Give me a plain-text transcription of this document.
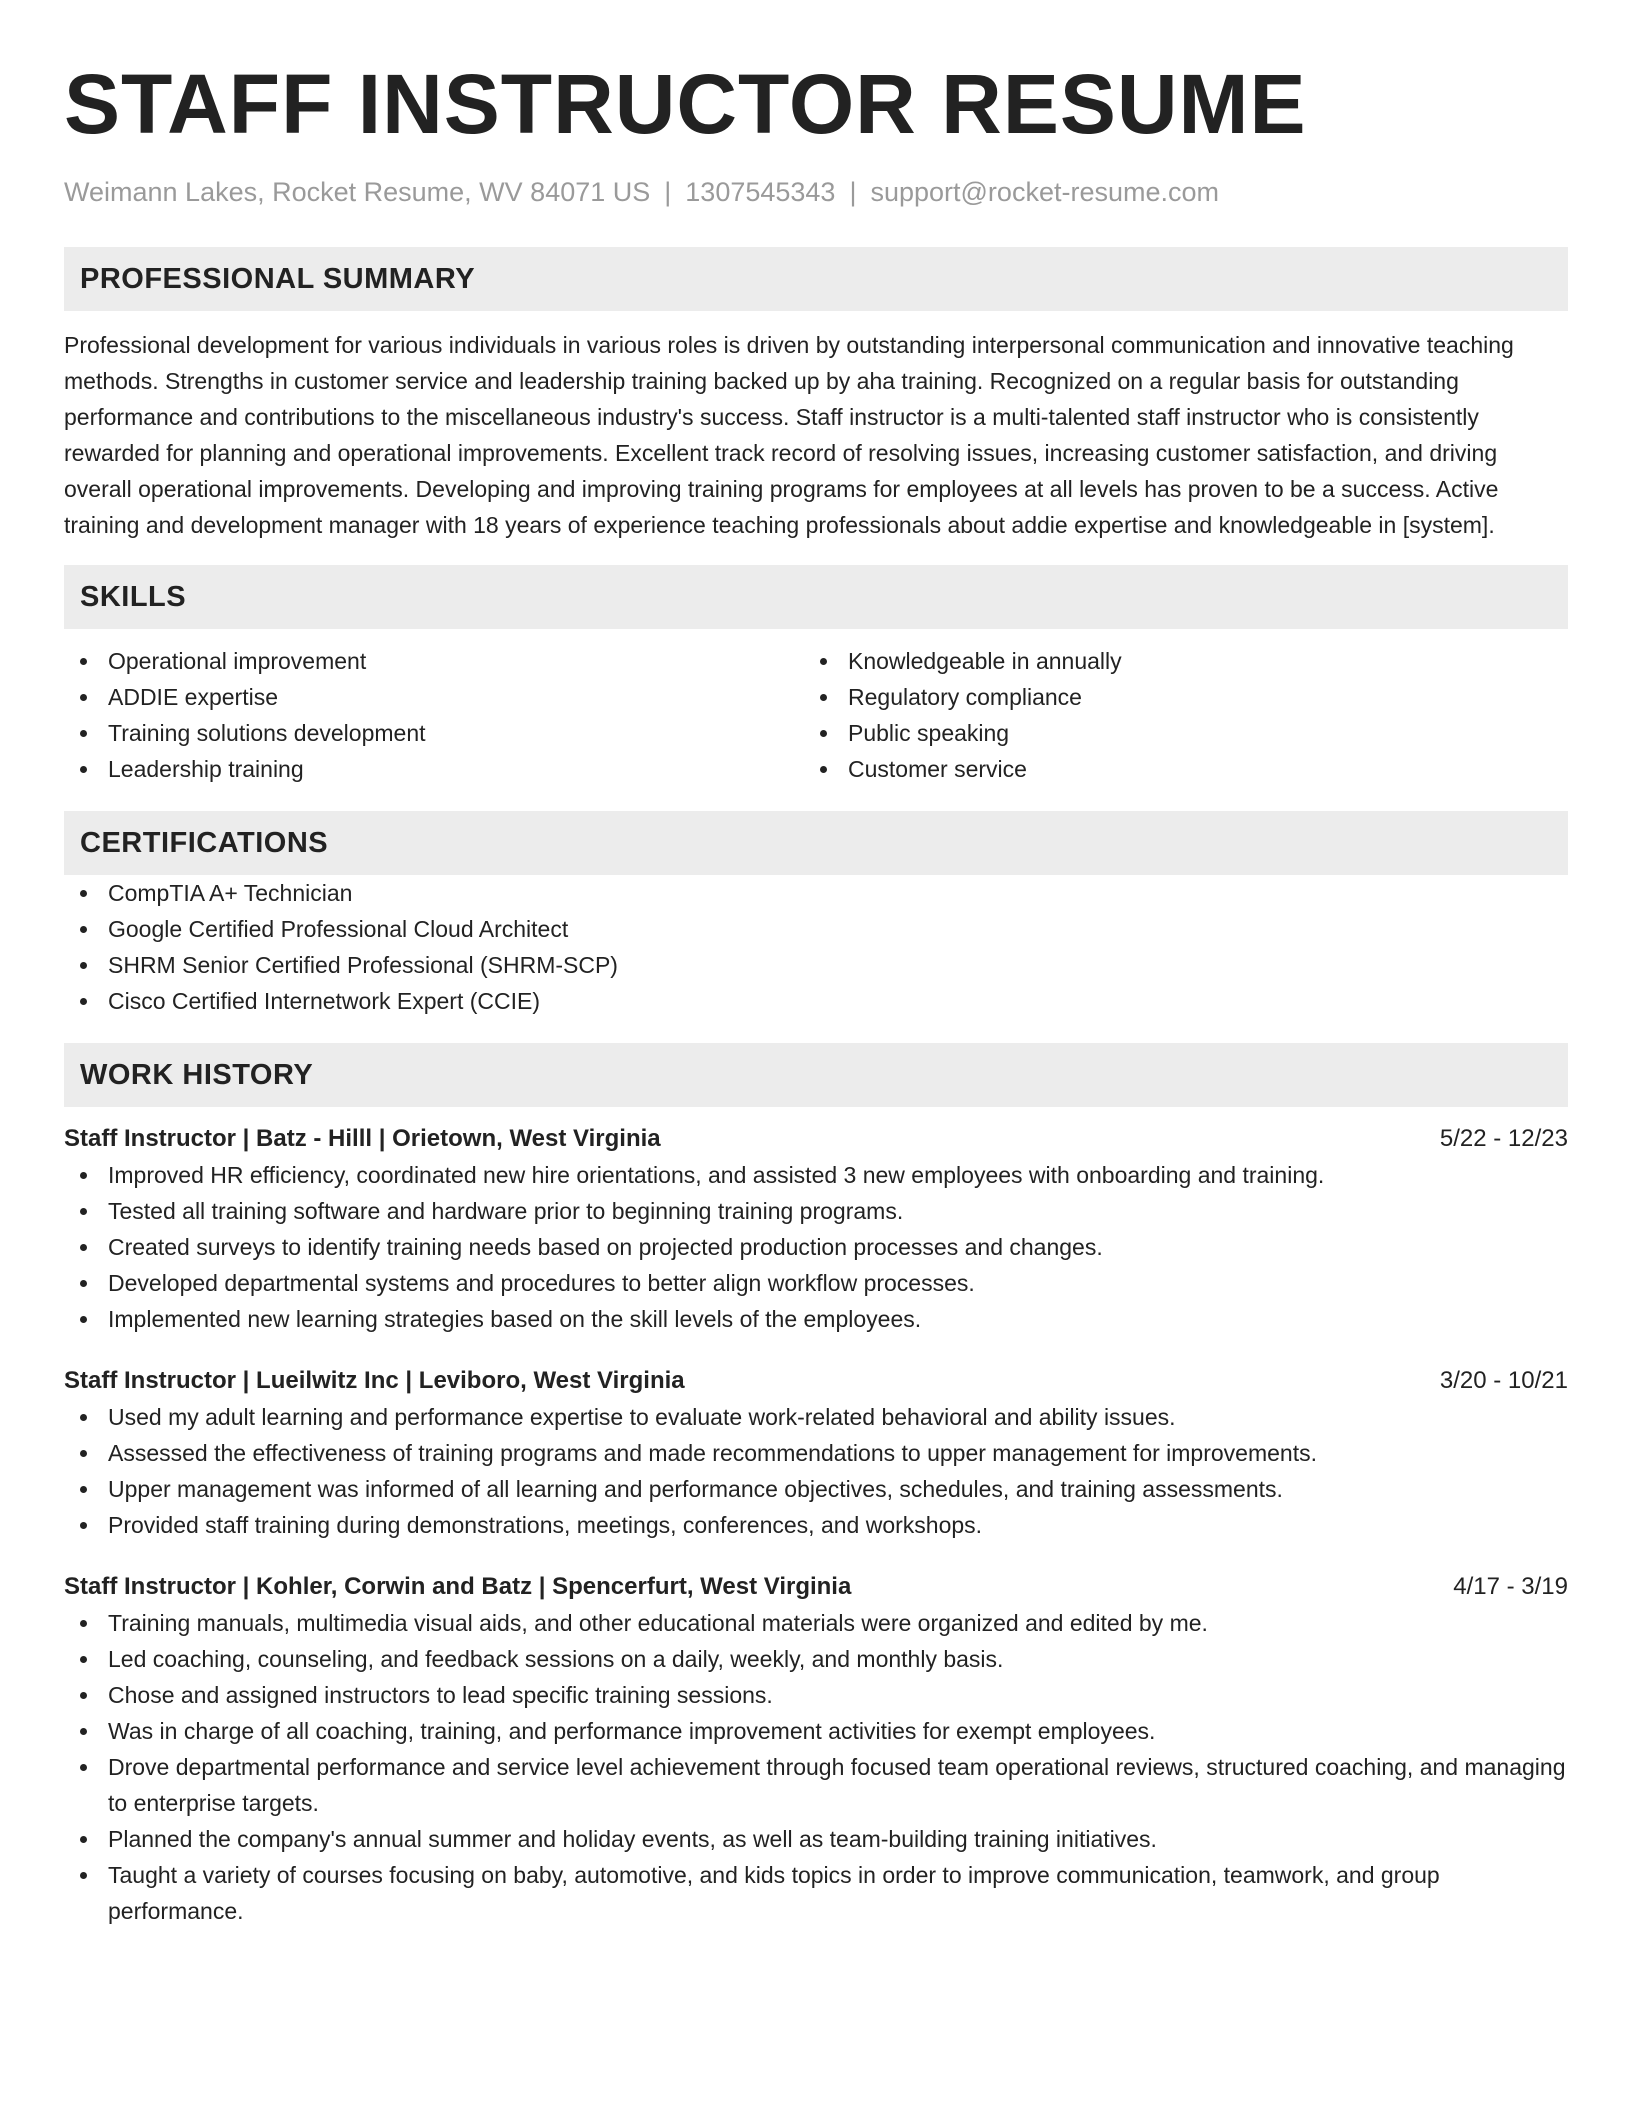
STAFF INSTRUCTOR RESUME
Weimann Lakes, Rocket Resume, WV 84071 US | 1307545343 | support@rocket-resume.com
PROFESSIONAL SUMMARY

Professional development for various individuals in various roles is driven by outstanding interpersonal communication and innovative teaching methods. Strengths in customer service and leadership training backed up by aha training. Recognized on a regular basis for outstanding performance and contributions to the miscellaneous industry's success. Staff instructor is a multi-talented staff instructor who is consistently rewarded for planning and operational improvements. Excellent track record of resolving issues, increasing customer satisfaction, and driving overall operational improvements. Developing and improving training programs for employees at all levels has proven to be a success. Active training and development manager with 18 years of experience teaching professionals about addie expertise and knowledgeable in [system].

SKILLS
Operational improvement
ADDIE expertise
Training solutions development
Leadership training
Knowledgeable in annually
Regulatory compliance
Public speaking
Customer service
CERTIFICATIONS
CompTIA A+ Technician
Google Certified Professional Cloud Architect
SHRM Senior Certified Professional (SHRM-SCP)
Cisco Certified Internetwork Expert (CCIE)
WORK HISTORY
Staff Instructor | Batz - Hilll | Orietown, West Virginia	5/22 - 12/23
Improved HR efficiency, coordinated new hire orientations, and assisted 3 new employees with onboarding and training.
Tested all training software and hardware prior to beginning training programs.
Created surveys to identify training needs based on projected production processes and changes.
Developed departmental systems and procedures to better align workflow processes.
Implemented new learning strategies based on the skill levels of the employees.
Staff Instructor | Lueilwitz Inc | Leviboro, West Virginia	3/20 - 10/21
Used my adult learning and performance expertise to evaluate work-related behavioral and ability issues.
Assessed the effectiveness of training programs and made recommendations to upper management for improvements.
Upper management was informed of all learning and performance objectives, schedules, and training assessments.
Provided staff training during demonstrations, meetings, conferences, and workshops.
Staff Instructor | Kohler, Corwin and Batz | Spencerfurt, West Virginia	4/17 - 3/19
Training manuals, multimedia visual aids, and other educational materials were organized and edited by me.
Led coaching, counseling, and feedback sessions on a daily, weekly, and monthly basis.
Chose and assigned instructors to lead specific training sessions.
Was in charge of all coaching, training, and performance improvement activities for exempt employees.
Drove departmental performance and service level achievement through focused team operational reviews, structured coaching, and managing to enterprise targets.
Planned the company's annual summer and holiday events, as well as team-building training initiatives.
Taught a variety of courses focusing on baby, automotive, and kids topics in order to improve communication, teamwork, and group performance.
